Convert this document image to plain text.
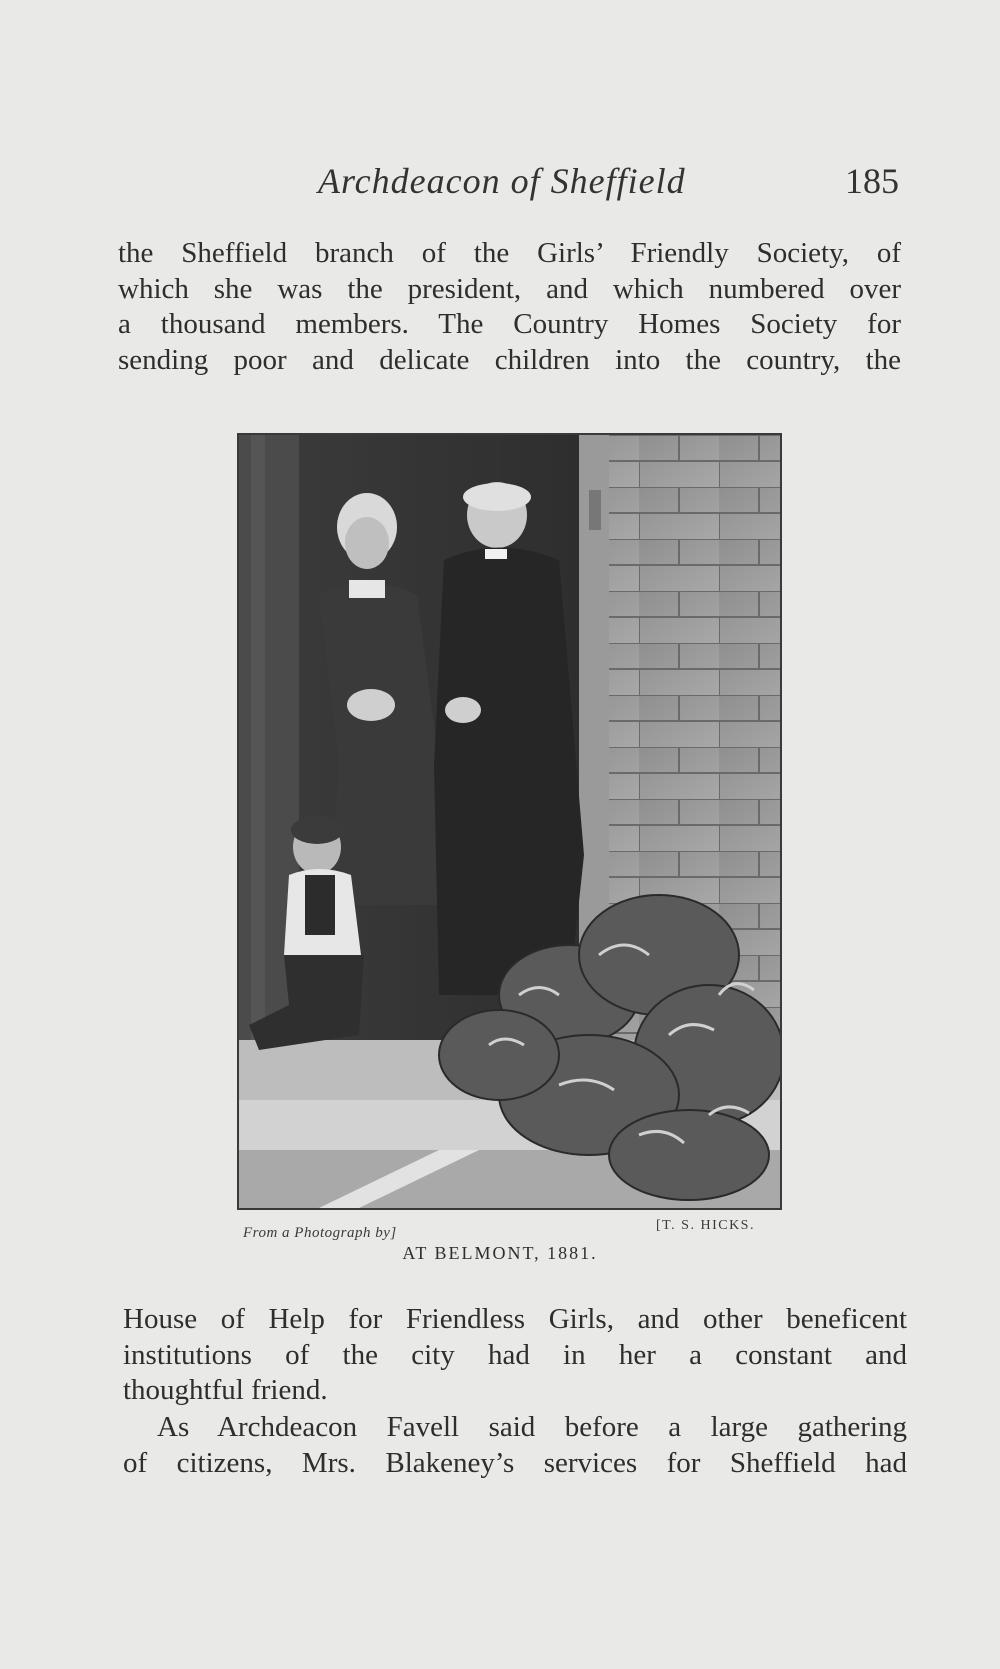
Archdeacon of Sheffield	185
the Sheffield branch of the Girls’ Friendly Society, of
which she was the president, and which numbered over
a thousand members. The Country Homes Society for
sending poor and delicate children into the country, the
From a Photograph by]	[T. S. HICKS.
AT BELMONT, 1881.
House of Help for Friendless Girls, and other beneficent
institutions of the city had in her a constant and
thoughtful friend.
As Archdeacon Favell said before a large gathering
of citizens, Mrs. Blakeney’s services for Sheffield had
